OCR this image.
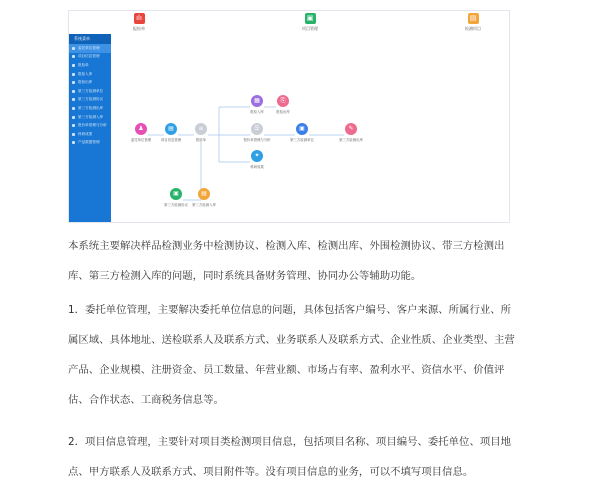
ılı
报检单
▣
项目管理
▤
检测项目
系统菜单
委托单位管理
项目信息管理
报检单
报检入库
报检出库
第三方检测单位
第三方检测协议
第三方检测出库
第三方检测入库
报价单管理与分析
科研成果
产品数据管理
♟
委托单位管理
▤
项目信息管理
≡
报检单
▦
报检入库
⎘
报检出库
☰
报价单管理与分析
✦
科研成果
▣
第三方检测单位
✎
第三方检测出库
▣
第三方检测协议
▤
第三方检测入库

本系统主要解决样品检测业务中检测协议、检测入库、检测出库、外围检测协议、带三方检测出库、第三方检测入库的问题，同时系统具备财务管理、协同办公等辅助功能。

1．委托单位管理，主要解决委托单位信息的问题，具体包括客户编号、客户来源、所属行业、所属区域、具体地址、送检联系人及联系方式、业务联系人及联系方式、企业性质、企业类型、主营产品、企业规模、注册资金、员工数量、年营业额、市场占有率、盈利水平、资信水平、价值评估、合作状态、工商税务信息等。

2．项目信息管理，主要针对项目类检测项目信息，包括项目名称、项目编号、委托单位、项目地点、甲方联系人及联系方式、项目附件等。没有项目信息的业务，可以不填写项目信息。
